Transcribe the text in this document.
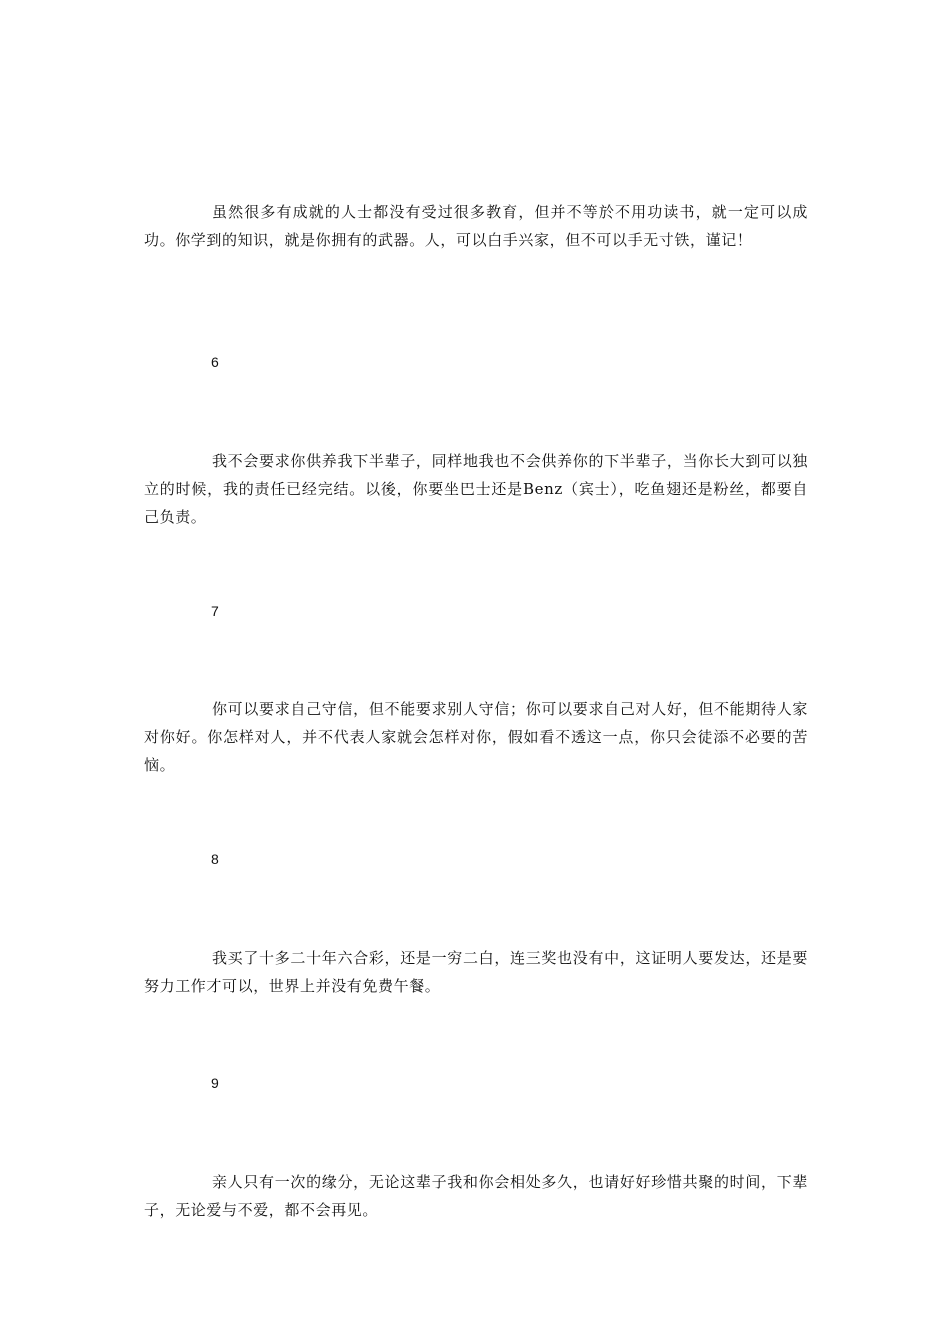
虽然很多有成就的人士都没有受过很多教育，但并不等於不用功读书，就一定可以成功。你学到的知识，就是你拥有的武器。人，可以白手兴家，但不可以手无寸铁，谨记！

6

我不会要求你供养我下半辈子，同样地我也不会供养你的下半辈子，当你长大到可以独立的时候，我的责任已经完结。以後，你要坐巴士还是Benz（宾士），吃鱼翅还是粉丝，都要自己负责。

7

你可以要求自己守信，但不能要求别人守信；你可以要求自己对人好，但不能期待人家对你好。你怎样对人，并不代表人家就会怎样对你，假如看不透这一点，你只会徒添不必要的苦恼。

8

我买了十多二十年六合彩，还是一穷二白，连三奖也没有中，这证明人要发达，还是要努力工作才可以，世界上并没有免费午餐。

9

亲人只有一次的缘分，无论这辈子我和你会相处多久，也请好好珍惜共聚的时间，下辈子，无论爱与不爱，都不会再见。
